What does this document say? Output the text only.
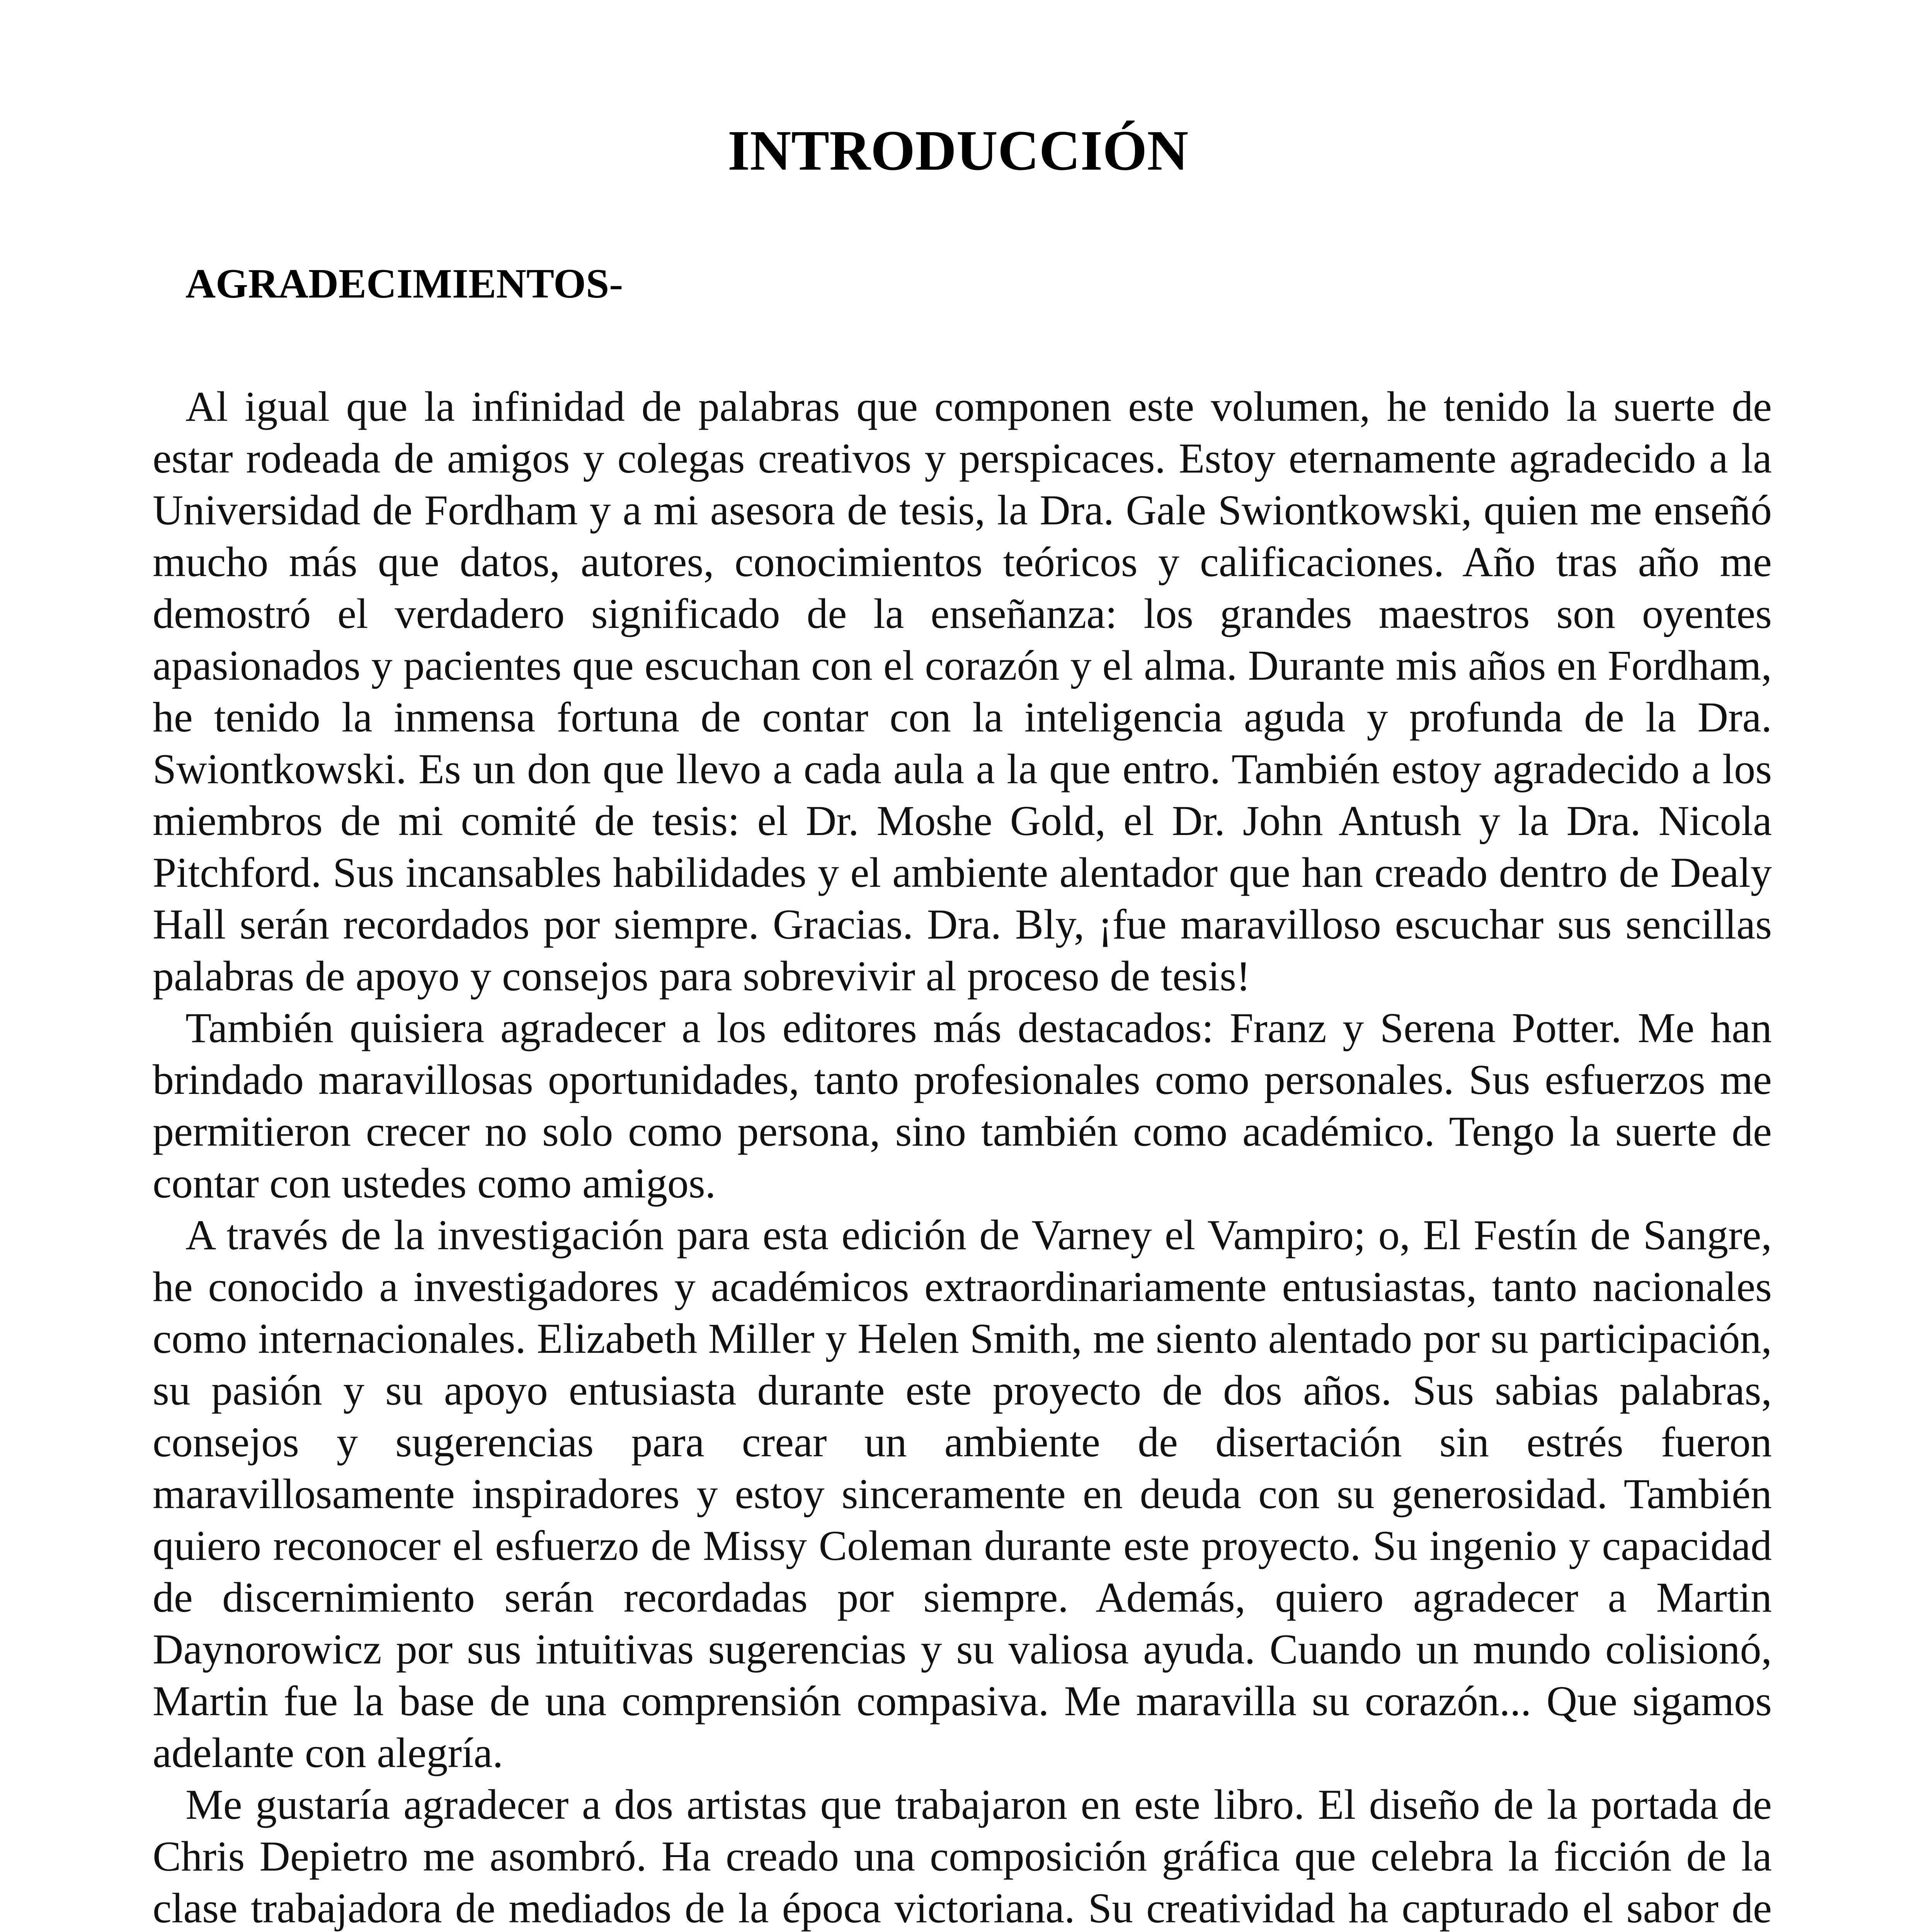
INTRODUCCIÓN
AGRADECIMIENTOS-

Al igual que la infinidad de palabras que componen este volumen, he tenido la suerte de estar rodeada de amigos y colegas creativos y perspicaces. Estoy eternamente agradecido a la Universidad de Fordham y a mi asesora de tesis, la Dra. Gale Swiontkowski, quien me enseñó mucho más que datos, autores, conocimientos teóricos y calificaciones. Año tras año me demostró el verdadero significado de la enseñanza: los grandes maestros son oyentes apasionados y pacientes que escuchan con el corazón y el alma. Durante mis años en Fordham, he tenido la inmensa fortuna de contar con la inteligencia aguda y profunda de la Dra. Swiontkowski. Es un don que llevo a cada aula a la que entro. También estoy agradecido a los miembros de mi comité de tesis: el Dr. Moshe Gold, el Dr. John Antush y la Dra. Nicola Pitchford. Sus incansables habilidades y el ambiente alentador que han creado dentro de Dealy Hall serán recordados por siempre. Gracias. Dra. Bly, ¡fue maravilloso escuchar sus sencillas palabras de apoyo y consejos para sobrevivir al proceso de tesis!

También quisiera agradecer a los editores más destacados: Franz y Serena Potter. Me han brindado maravillosas oportunidades, tanto profesionales como personales. Sus esfuerzos me permitieron crecer no solo como persona, sino también como académico. Tengo la suerte de contar con ustedes como amigos.

A través de la investigación para esta edición de Varney el Vampiro; o, El Festín de Sangre, he conocido a investigadores y académicos extraordinariamente entusiastas, tanto nacionales como internacionales. Elizabeth Miller y Helen Smith, me siento alentado por su participación, su pasión y su apoyo entusiasta durante este proyecto de dos años. Sus sabias palabras, consejos y sugerencias para crear un ambiente de disertación sin estrés fueron maravillosamente inspiradores y estoy sinceramente en deuda con su generosidad. También quiero reconocer el esfuerzo de Missy Coleman durante este proyecto. Su ingenio y capacidad de discernimiento serán recordadas por siempre. Además, quiero agradecer a Martin Daynorowicz por sus intuitivas sugerencias y su valiosa ayuda. Cuando un mundo colisionó, Martin fue la base de una comprensión compasiva. Me maravilla su corazón... Que sigamos adelante con alegría.

Me gustaría agradecer a dos artistas que trabajaron en este libro. El diseño de la portada de Chris Depietro me asombró. Ha creado una composición gráfica que celebra la ficción de la clase trabajadora de mediados de la época victoriana. Su creatividad ha capturado el sabor de
